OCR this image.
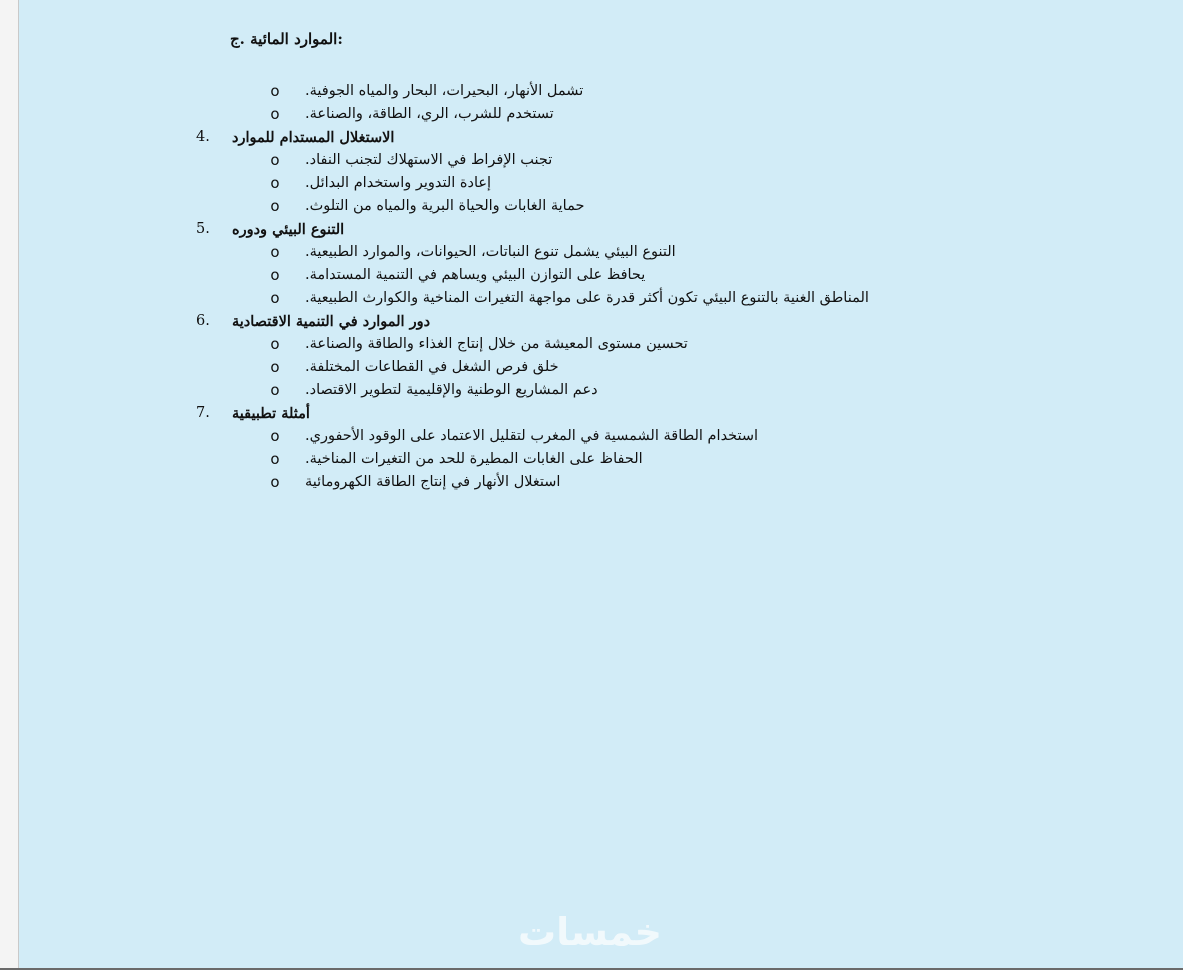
الموارد المائية .ج:
o تشمل الأنهار، البحيرات، البحار والمياه الجوفية.
o تستخدم للشرب، الري، الطاقة، والصناعة.
4. الاستغلال المستدام للموارد
o تجنب الإفراط في الاستهلاك لتجنب النفاد.
o إعادة التدوير واستخدام البدائل.
o حماية الغابات والحياة البرية والمياه من التلوث.
5. التنوع البيئي ودوره
o التنوع البيئي يشمل تنوع النباتات، الحيوانات، والموارد الطبيعية.
o يحافظ على التوازن البيئي ويساهم في التنمية المستدامة.
o المناطق الغنية بالتنوع البيئي تكون أكثر قدرة على مواجهة التغيرات المناخية والكوارث الطبيعية.
6. دور الموارد في التنمية الاقتصادية
o تحسين مستوى المعيشة من خلال إنتاج الغذاء والطاقة والصناعة.
o خلق فرص الشغل في القطاعات المختلفة.
o دعم المشاريع الوطنية والإقليمية لتطوير الاقتصاد.
7. أمثلة تطبيقية
o استخدام الطاقة الشمسية في المغرب لتقليل الاعتماد على الوقود الأحفوري.
o الحفاظ على الغابات المطيرة للحد من التغيرات المناخية.
o استغلال الأنهار في إنتاج الطاقة الكهرومائية
خمسات
